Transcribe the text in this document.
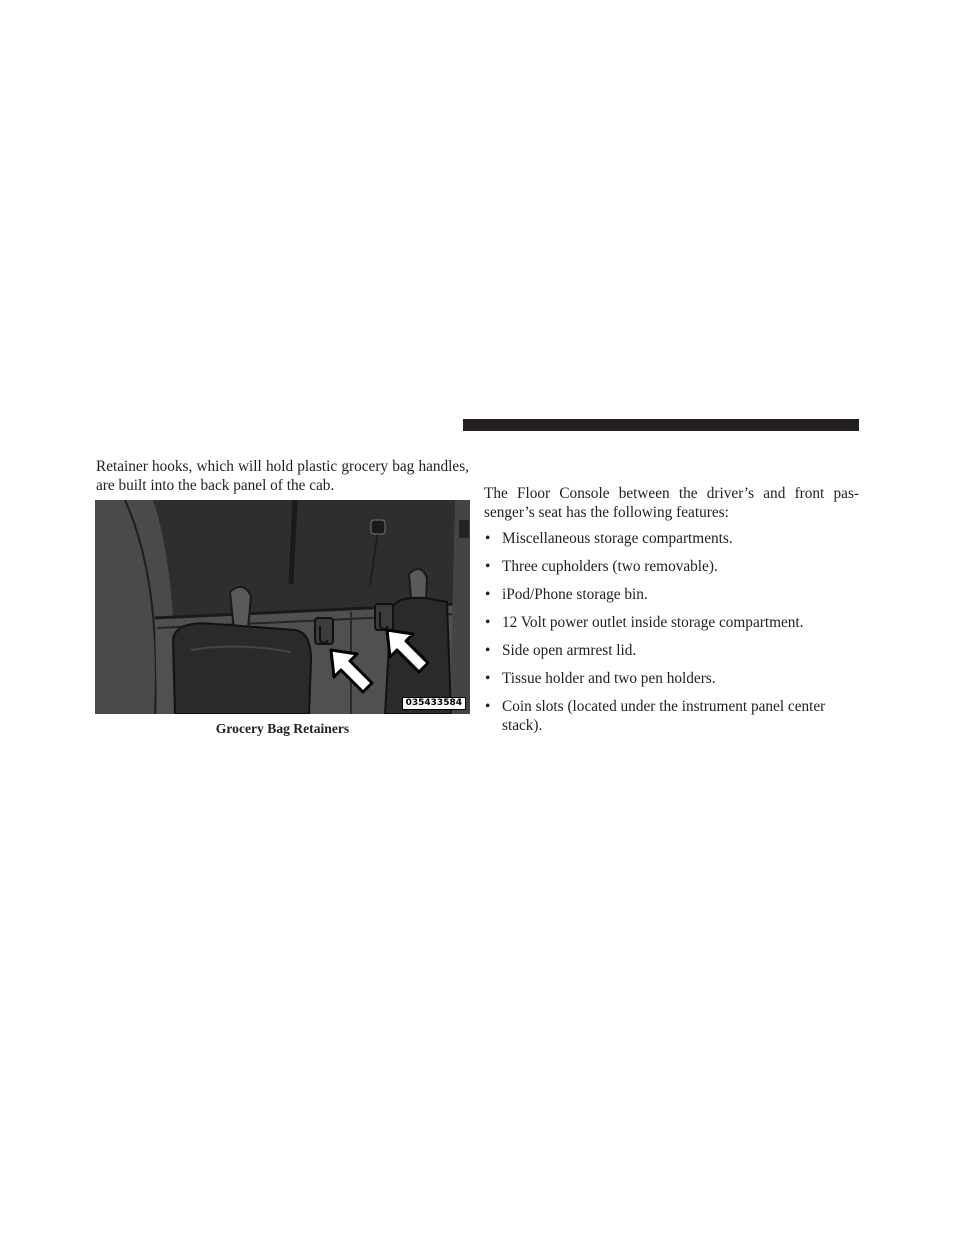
Retainer hooks, which will hold plastic grocery bag handles, are built into the back panel of the cab.

035433584
Grocery Bag Retainers

The Floor Console between the driver’s and front pas-senger’s seat has the following features:

• Miscellaneous storage compartments.
• Three cupholders (two removable).
• iPod/Phone storage bin.
• 12 Volt power outlet inside storage compartment.
• Side open armrest lid.
• Tissue holder and two pen holders.
• Coin slots (located under the instrument panel center stack).
